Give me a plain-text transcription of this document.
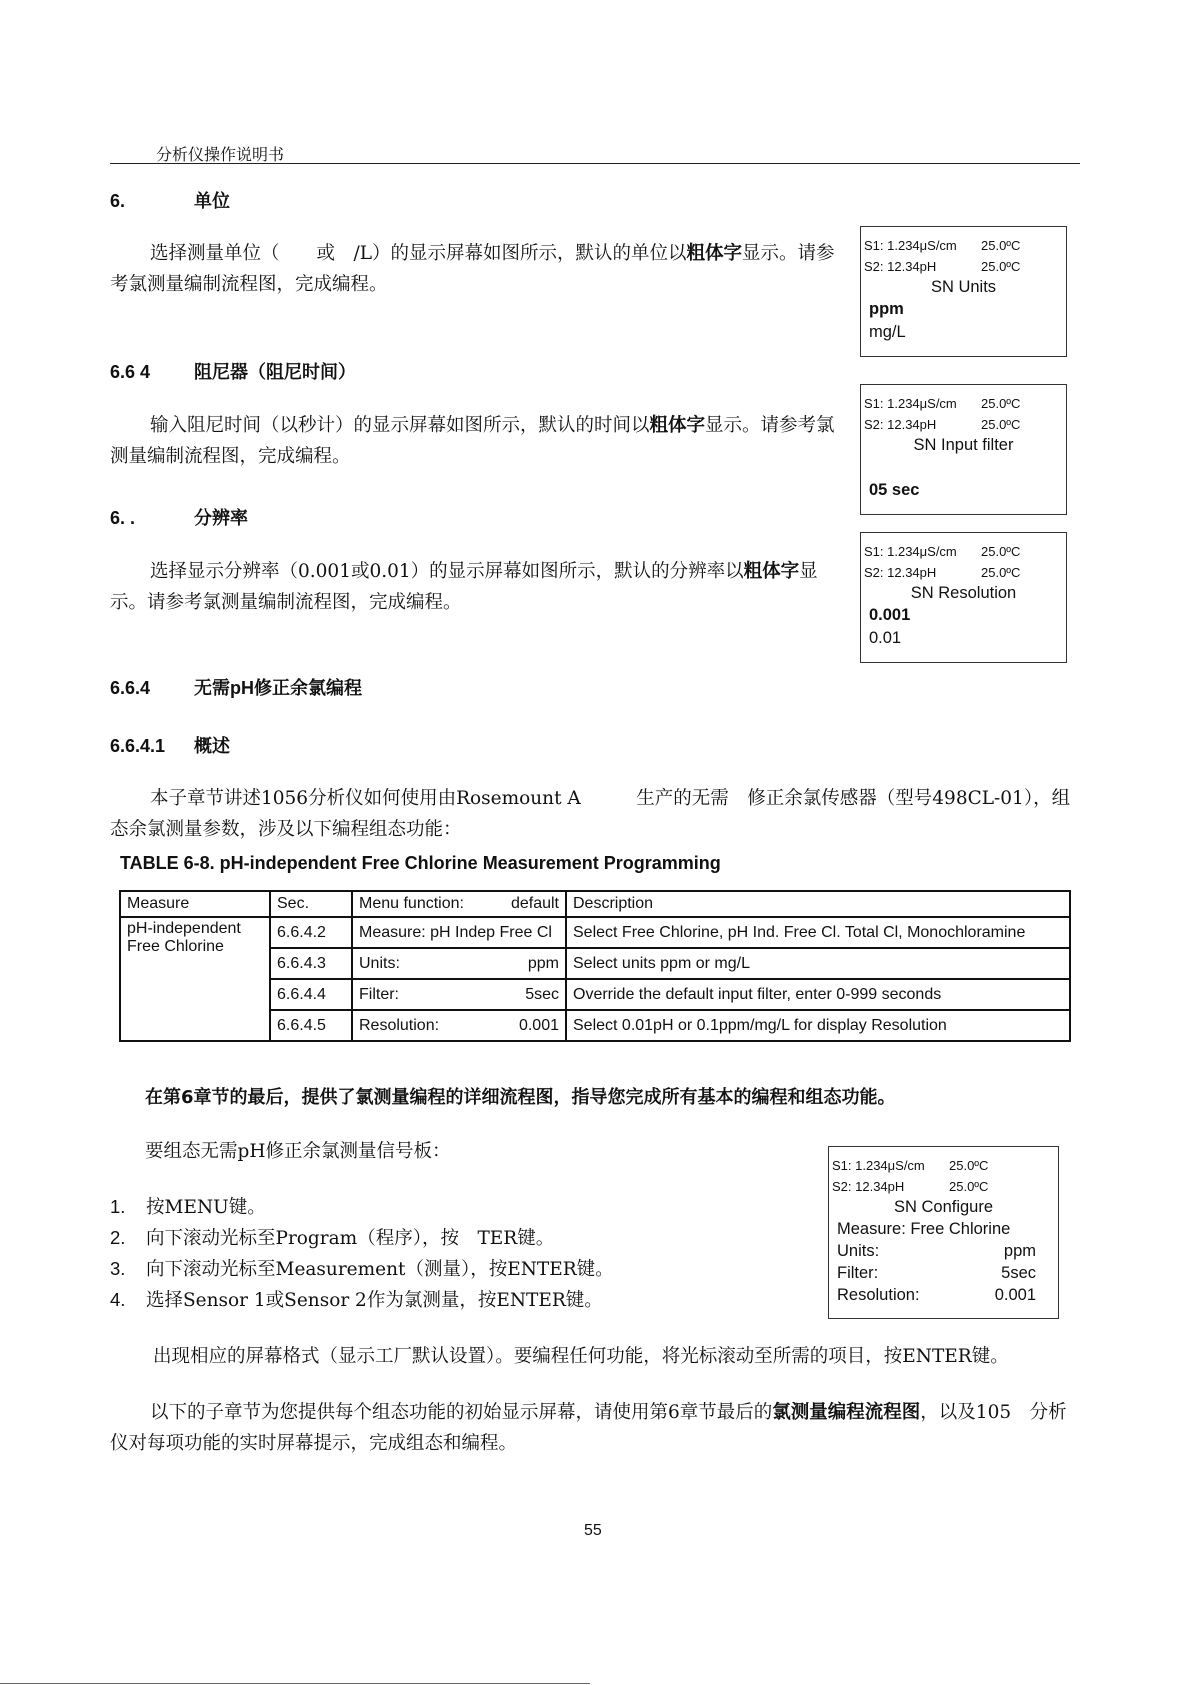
分析仪操作说明书
6.	单位
选择测量单位（　　或　/L）的显示屏幕如图所示，默认的单位以粗体字显示。请参考氯测量编制流程图，完成编程。
S1: 1.234μS/cm 25.0ºC
S2: 12.34pH	25.0ºC
SN Units
ppm
mg/L
6.6 4 阻尼器（阻尼时间）
输入阻尼时间（以秒计）的显示屏幕如图所示，默认的时间以粗体字显示。请参考氯测量编制流程图，完成编程。
S1: 1.234μS/cm 25.0ºC
S2: 12.34pH	25.0ºC
SN Input filter
05 sec
6. .	分辨率
选择显示分辨率（0.001或0.01）的显示屏幕如图所示，默认的分辨率以粗体字显示。请参考氯测量编制流程图，完成编程。
S1: 1.234μS/cm 25.0ºC
S2: 12.34pH	25.0ºC
SN Resolution
0.001
0.01
6.6.4 无需pH修正余氯编程
6.6.4.1 概述
本子章节讲述1056分析仪如何使用由Rosemount A　　　生产的无需　修正余氯传感器（型号498CL-01），组态余氯测量参数，涉及以下编程组态功能：
TABLE 6-8. pH-independent Free Chlorine Measurement Programming
Measure	Sec.	Menu function: default	Description
pH-independent Free Chlorine	6.6.4.2	Measure: pH Indep Free Cl	Select Free Chlorine, pH Ind. Free Cl. Total Cl, Monochloramine
	6.6.4.3	Units: ppm	Select units ppm or mg/L
	6.6.4.4	Filter: 5sec	Override the default input filter, enter 0-999 seconds
	6.6.4.5	Resolution: 0.001	Select 0.01pH or 0.1ppm/mg/L for display Resolution
在第6章节的最后，提供了氯测量编程的详细流程图，指导您完成所有基本的编程和组态功能。
要组态无需pH修正余氯测量信号板：
1. 按MENU键。
2. 向下滚动光标至Program（程序），按　TER键。
3. 向下滚动光标至Measurement（测量），按ENTER键。
4. 选择Sensor 1或Sensor 2作为氯测量，按ENTER键。
S1: 1.234μS/cm 25.0ºC
S2: 12.34pH	25.0ºC
SN Configure
Measure: Free Chlorine
Units:	ppm
Filter:	5sec
Resolution:	0.001
出现相应的屏幕格式（显示工厂默认设置）。要编程任何功能，将光标滚动至所需的项目，按ENTER键。
以下的子章节为您提供每个组态功能的初始显示屏幕，请使用第6章节最后的氯测量编程流程图，以及105　分析仪对每项功能的实时屏幕提示，完成组态和编程。
55
